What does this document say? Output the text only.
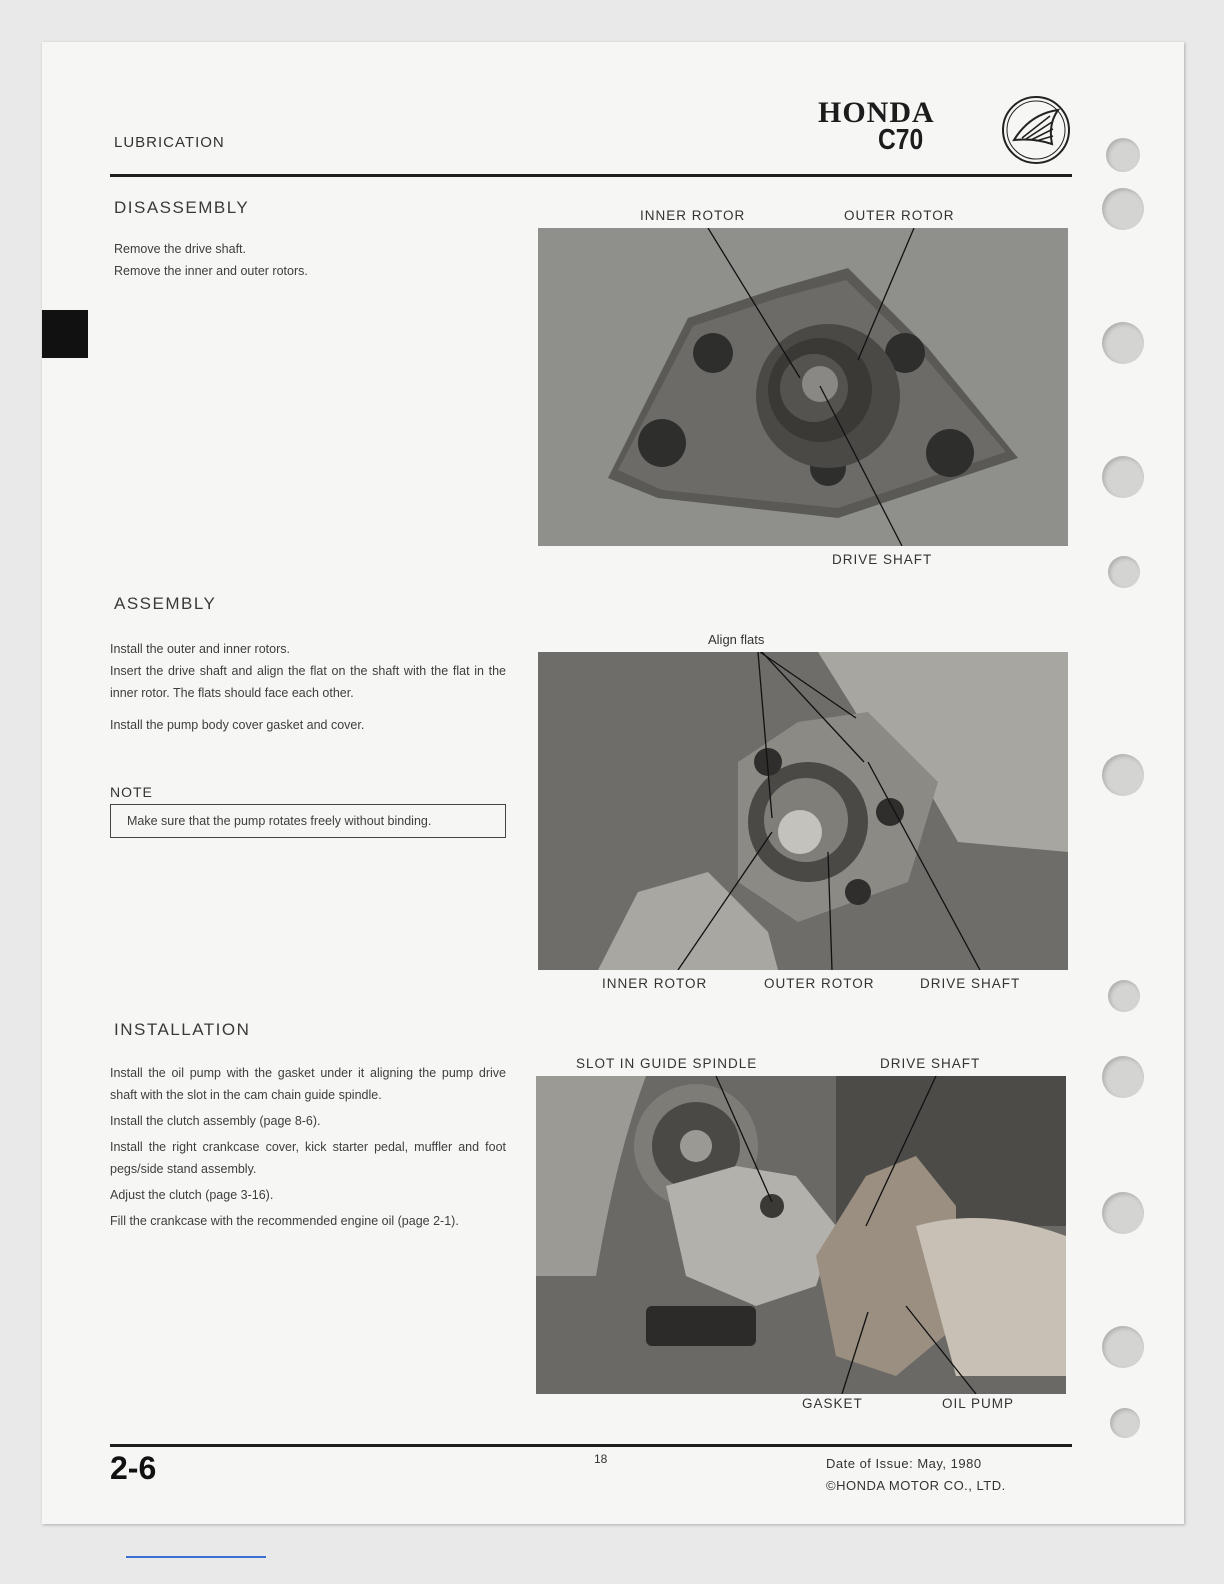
LUBRICATION
HONDA
C70
DISASSEMBLY

Remove the drive shaft.

Remove the inner and outer rotors.

INNER ROTOR	OUTER ROTOR
DRIVE SHAFT
ASSEMBLY

Install the outer and inner rotors.

Insert the drive shaft and align the flat on the shaft with the flat in the inner rotor. The flats should face each other.

Install the pump body cover gasket and cover.

NOTE
Make sure that the pump rotates freely without binding.
Align flats
INNER ROTOR	OUTER ROTOR	DRIVE SHAFT
INSTALLATION

Install the oil pump with the gasket under it aligning the pump drive shaft with the slot in the cam chain guide spindle.

Install the clutch assembly (page 8-6).

Install the right crankcase cover, kick starter pedal, muffler and foot pegs/side stand assembly.

Adjust the clutch (page 3-16).

Fill the crankcase with the recommended engine oil (page 2-1).

SLOT IN GUIDE SPINDLE	DRIVE SHAFT
GASKET	OIL PUMP
2-6	18	Date of Issue: May, 1980
©HONDA MOTOR CO., LTD.
